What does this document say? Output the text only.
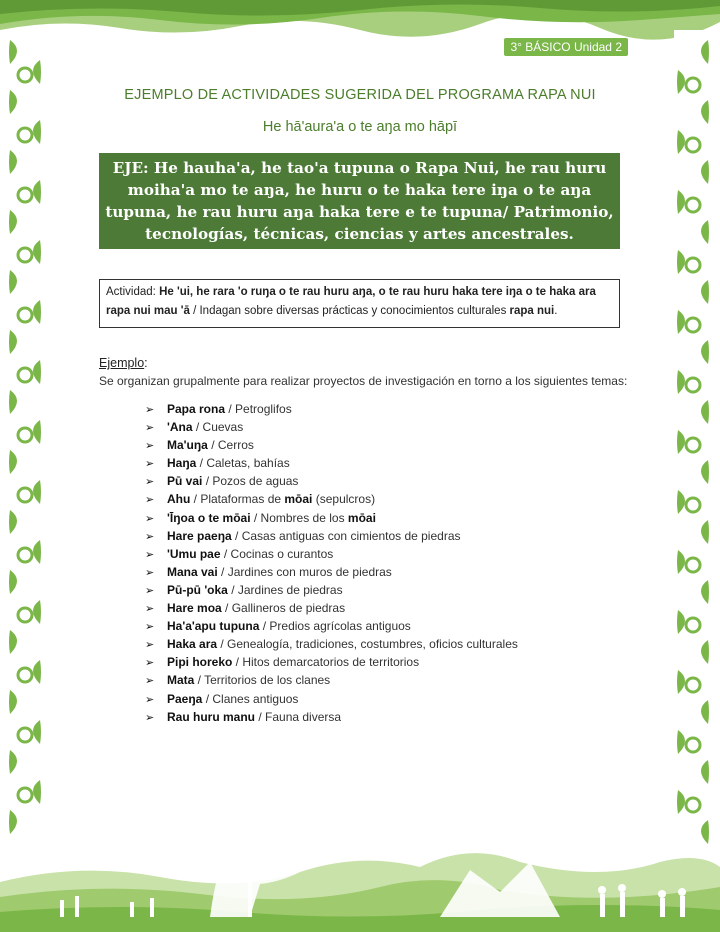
3° BÁSICO Unidad 2
EJEMPLO DE ACTIVIDADES SUGERIDA DEL PROGRAMA RAPA NUI
He hā'aura'a o te aŋa mo hāpī
EJE: He hauha'a, he tao'a tupuna o Rapa Nui, he rau huru moiha'a mo te aŋa, he huru o te haka tere iŋa o te aŋa tupuna, he rau huru aŋa haka tere e te tupuna/ Patrimonio, tecnologías, técnicas, ciencias y artes ancestrales.
Actividad: He 'ui, he rara 'o ruŋa o te rau huru aŋa, o te rau huru haka tere iŋa o te haka ara rapa nui mau 'ā / Indagan sobre diversas prácticas y conocimientos culturales rapa nui.
Ejemplo:
Se organizan grupalmente para realizar proyectos de investigación en torno a los siguientes temas:
➢ Papa rona / Petroglifos
➢ 'Ana / Cuevas
➢ Ma'uŋa / Cerros
➢ Haŋa / Caletas, bahías
➢ Pū vai / Pozos de aguas
➢ Ahu / Plataformas de mōai (sepulcros)
➢ 'Īŋoa o te mōai / Nombres de los mōai
➢ Hare paeŋa / Casas antiguas con cimientos de piedras
➢ 'Umu pae / Cocinas o curantos
➢ Mana vai / Jardines con muros de piedras
➢ Pū-pū 'oka / Jardines de piedras
➢ Hare moa / Gallineros de piedras
➢ Ha'a'apu tupuna / Predios agrícolas antiguos
➢ Haka ara / Genealogía, tradiciones, costumbres, oficios culturales
➢ Pipi horeko / Hitos demarcatorios de territorios
➢ Mata / Territorios de los clanes
➢ Paeŋa / Clanes antiguos
➢ Rau huru manu / Fauna diversa
